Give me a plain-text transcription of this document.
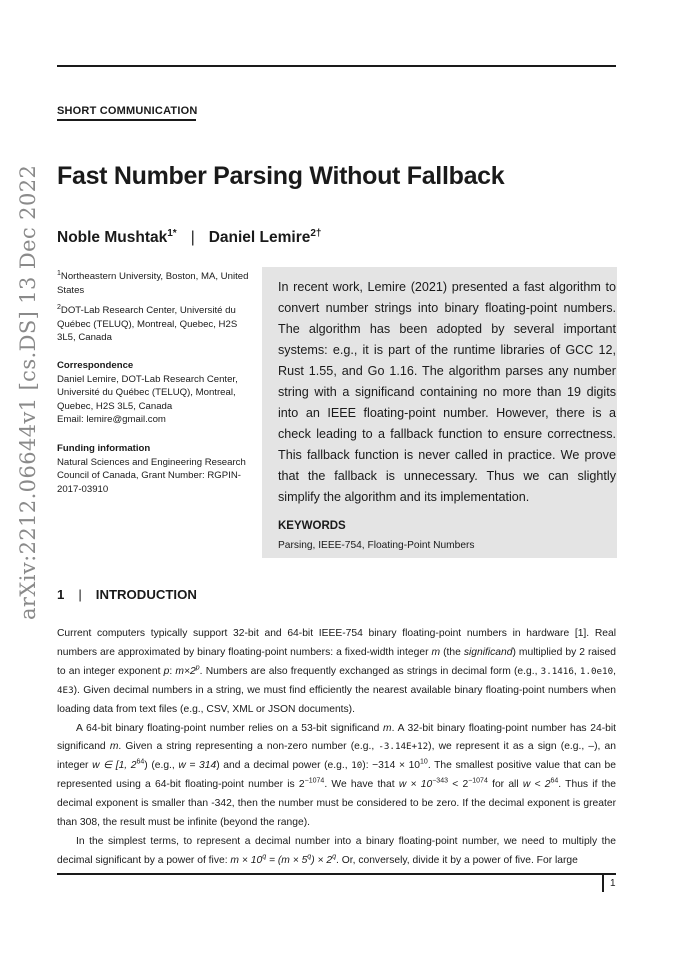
SHORT COMMUNICATION
arXiv:2212.06644v1 [cs.DS] 13 Dec 2022 Fast Number Parsing Without Fallback
Noble Mushtak$^{1*}$ | Daniel Lemire$^{2\dagger}$
$^1$Northeastern University, Boston, MA, United States
$^2$DOT-Lab Research Center, Université du Québec (TELUQ), Montreal, Quebec, H2S 3L5, Canada
Correspondence
Daniel Lemire, DOT-Lab Research Center, Université du Québec (TELUQ), Montreal, Quebec, H2S 3L5, Canada
Email: lemire@gmail.com
Funding information
Natural Sciences and Engineering Research Council of Canada, Grant Number: RGPIN-2017-03910
In recent work, Lemire (2021) presented a fast algorithm to convert number strings into binary floating-point numbers. The algorithm has been adopted by several important systems: e.g., it is part of the runtime libraries of GCC 12, Rust 1.55, and Go 1.16. The algorithm parses any number string with a significand containing no more than 19 digits into an IEEE floating-point number. However, there is a check leading to a fallback function to ensure correctness. This fallback function is never called in practice. We prove that the fallback is unnecessary. Thus we can slightly simplify the algorithm and its implementation.
KEYWORDS
Parsing, IEEE-754, Floating-Point Numbers
1 | INTRODUCTION

Current computers typically support 32-bit and 64-bit IEEE-754 binary floating-point numbers in hardware [1]. Real numbers are approximated by binary floating-point numbers: a fixed-width integer m (the significand) multiplied by 2 raised to an integer exponent p: $m\times 2^p$. Numbers are also frequently exchanged as strings in decimal form (e.g., 3.1416, 1.0e10, 4E3). Given decimal numbers in a string, we must find efficiently the nearest available binary floating-point numbers when loading data from text files (e.g., CSV, XML or JSON documents).

A 64-bit binary floating-point number relies on a 53-bit significand m. A 32-bit binary floating-point number has 24-bit significand m. Given a string representing a non-zero number (e.g., -3.14E+12), we represent it as a sign (e.g., –), an integer w ∈ [1, $2^{64}$) (e.g., w = 314) and a decimal power (e.g., 10): $-314 \times 10^{10}$. The smallest positive value that can be represented using a 64-bit floating-point number is $2^{-1074}$. We have that $w \times 10^{-343} < 2^{-1074}$ for all $w < 2^{64}$. Thus if the decimal exponent is smaller than -342, then the number must be considered to be zero. If the decimal exponent is greater than 308, the result must be infinite (beyond the range).

In the simplest terms, to represent a decimal number into a binary floating-point number, we need to multiply the decimal significant by a power of five: $m \times 10^q = (m \times 5^q) \times 2^q$. Or, conversely, divide it by a power of five. For large

1
